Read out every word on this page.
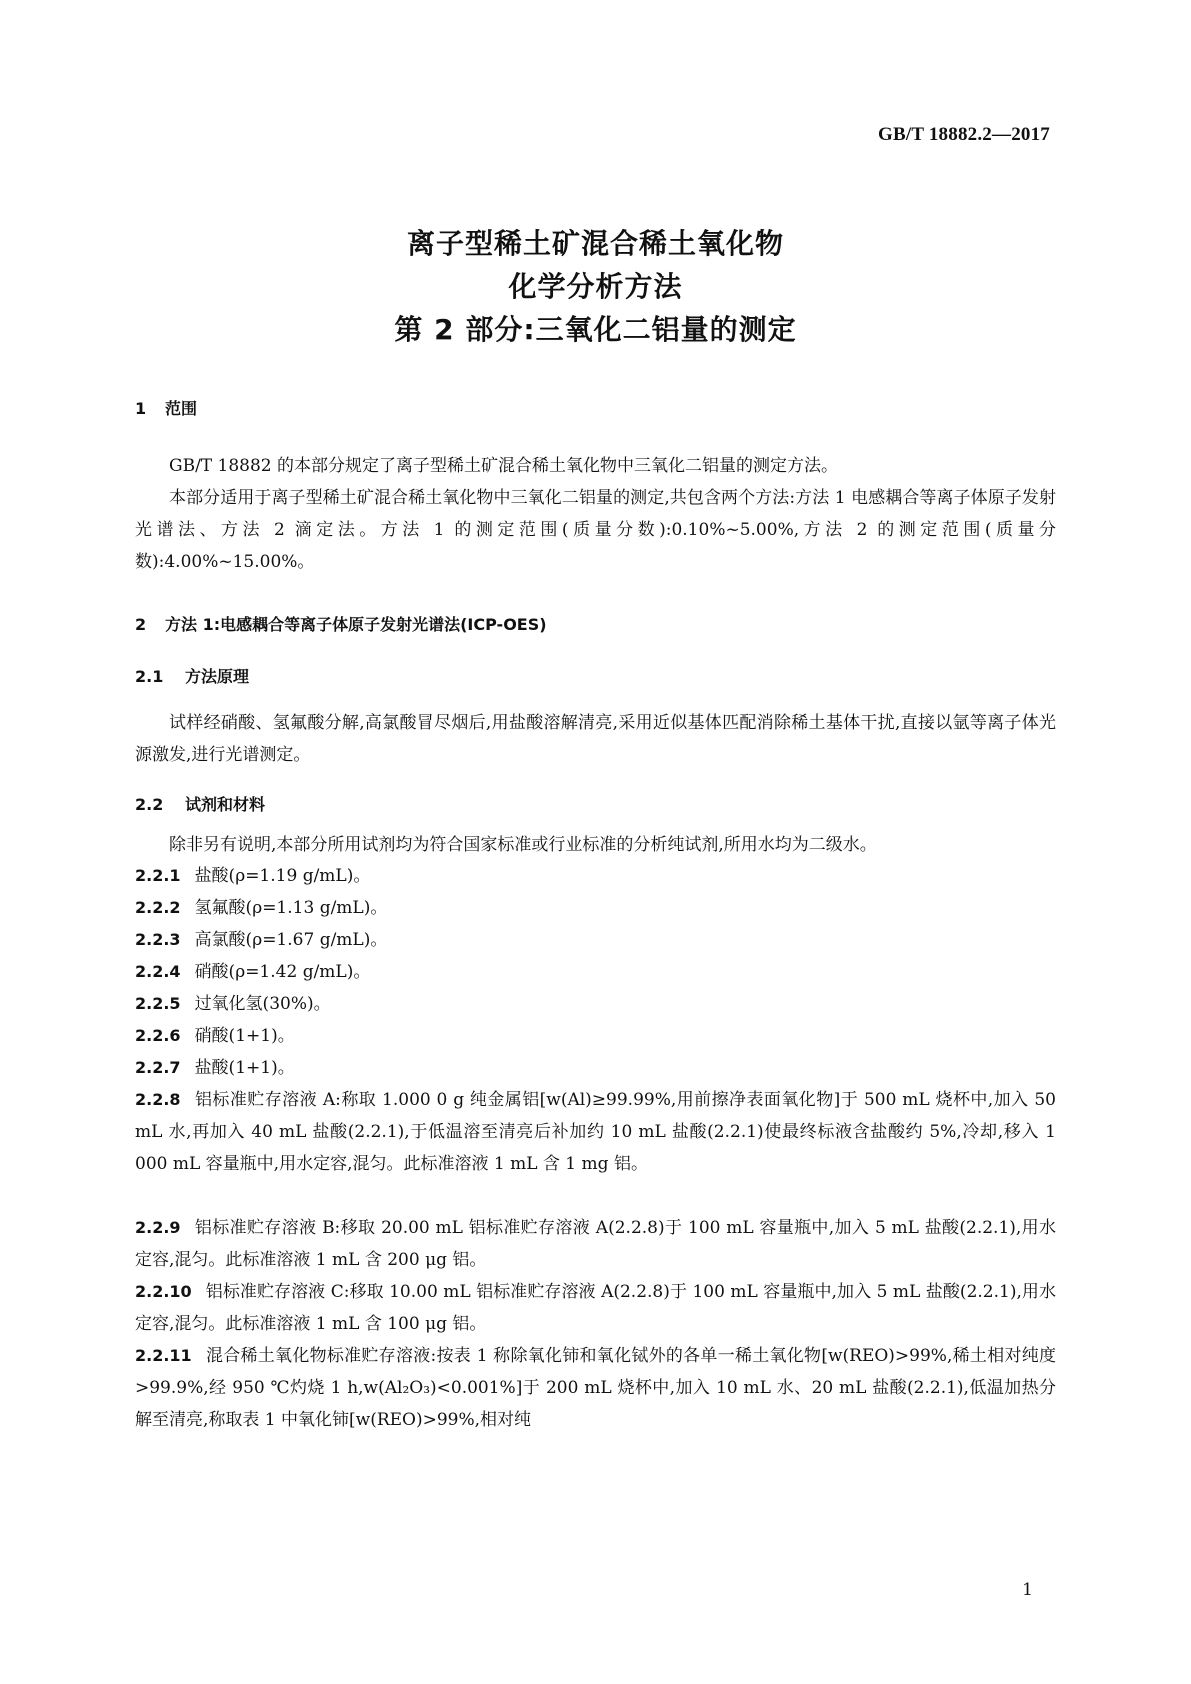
GB/T 18882.2—2017
离子型稀土矿混合稀土氧化物
化学分析方法
第 2 部分:三氧化二铝量的测定
1 范围
GB/T 18882 的本部分规定了离子型稀土矿混合稀土氧化物中三氧化二铝量的测定方法。
本部分适用于离子型稀土矿混合稀土氧化物中三氧化二铝量的测定,共包含两个方法:方法 1 电感耦合等离子体原子发射光谱法、方法 2 滴定法。方法 1 的测定范围(质量分数):0.10%~5.00%,方法 2 的测定范围(质量分数):4.00%~15.00%。
2 方法 1:电感耦合等离子体原子发射光谱法(ICP-OES)
2.1 方法原理
试样经硝酸、氢氟酸分解,高氯酸冒尽烟后,用盐酸溶解清亮,采用近似基体匹配消除稀土基体干扰,直接以氩等离子体光源激发,进行光谱测定。
2.2 试剂和材料
除非另有说明,本部分所用试剂均为符合国家标准或行业标准的分析纯试剂,所用水均为二级水。
2.2.1 盐酸(ρ=1.19 g/mL)。
2.2.2 氢氟酸(ρ=1.13 g/mL)。
2.2.3 高氯酸(ρ=1.67 g/mL)。
2.2.4 硝酸(ρ=1.42 g/mL)。
2.2.5 过氧化氢(30%)。
2.2.6 硝酸(1+1)。
2.2.7 盐酸(1+1)。
2.2.8 铝标准贮存溶液 A:称取 1.000 0 g 纯金属铝[w(Al)≥99.99%,用前擦净表面氧化物]于 500 mL 烧杯中,加入 50 mL 水,再加入 40 mL 盐酸(2.2.1),于低温溶至清亮后补加约 10 mL 盐酸(2.2.1)使最终标液含盐酸约 5%,冷却,移入 1 000 mL 容量瓶中,用水定容,混匀。此标准溶液 1 mL 含 1 mg 铝。
2.2.9 铝标准贮存溶液 B:移取 20.00 mL 铝标准贮存溶液 A(2.2.8)于 100 mL 容量瓶中,加入 5 mL 盐酸(2.2.1),用水定容,混匀。此标准溶液 1 mL 含 200 μg 铝。
2.2.10 铝标准贮存溶液 C:移取 10.00 mL 铝标准贮存溶液 A(2.2.8)于 100 mL 容量瓶中,加入 5 mL 盐酸(2.2.1),用水定容,混匀。此标准溶液 1 mL 含 100 μg 铝。
2.2.11 混合稀土氧化物标准贮存溶液:按表 1 称除氧化铈和氧化铽外的各单一稀土氧化物[w(REO)>99%,稀土相对纯度>99.9%,经 950 ℃灼烧 1 h,w(Al₂O₃)<0.001%]于 200 mL 烧杯中,加入 10 mL 水、20 mL 盐酸(2.2.1),低温加热分解至清亮,称取表 1 中氧化铈[w(REO)>99%,相对纯
1
